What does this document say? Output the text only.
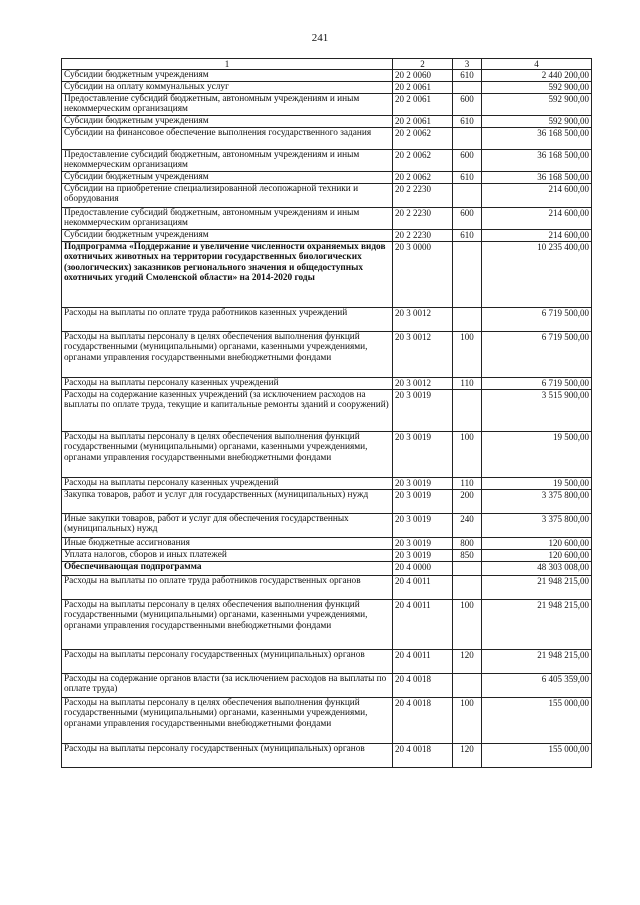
241
1	2	3	4
Субсидии бюджетным учреждениям	20 2 0060	610	2 440 200,00
Субсидии на оплату коммунальных услуг	20 2 0061		592 900,00
Предоставление субсидий бюджетным, автономным учреждениям и иным некоммерческим организациям	20 2 0061	600	592 900,00
Субсидии бюджетным учреждениям	20 2 0061	610	592 900,00
Субсидии на финансовое обеспечение выполнения государственного задания	20 2 0062		36 168 500,00
Предоставление субсидий бюджетным, автономным учреждениям и иным некоммерческим организациям	20 2 0062	600	36 168 500,00
Субсидии бюджетным учреждениям	20 2 0062	610	36 168 500,00
Субсидии на приобретение специализированной лесопожарной техники и оборудования	20 2 2230		214 600,00
Предоставление субсидий бюджетным, автономным учреждениям и иным некоммерческим организациям	20 2 2230	600	214 600,00
Субсидии бюджетным учреждениям	20 2 2230	610	214 600,00
Подпрограмма «Поддержание и увеличение численности охраняемых видов охотничьих животных на территории государственных биологических (зоологических) заказников регионального значения и общедоступных охотничьих угодий Смоленской области» на 2014-2020 годы	20 3 0000		10 235 400,00
Расходы на выплаты по оплате труда работников казенных учреждений	20 3 0012		6 719 500,00
Расходы на выплаты персоналу в целях обеспечения выполнения функций государственными (муниципальными) органами, казенными учреждениями, органами управления государственными внебюджетными фондами	20 3 0012	100	6 719 500,00
Расходы на выплаты персоналу казенных учреждений	20 3 0012	110	6 719 500,00
Расходы на содержание казенных учреждений (за исключением расходов на выплаты по оплате труда, текущие и капитальные ремонты зданий и сооружений)	20 3 0019		3 515 900,00
Расходы на выплаты персоналу в целях обеспечения выполнения функций государственными (муниципальными) органами, казенными учреждениями, органами управления государственными внебюджетными фондами	20 3 0019	100	19 500,00
Расходы на выплаты персоналу казенных учреждений	20 3 0019	110	19 500,00
Закупка товаров, работ и услуг для государственных (муниципальных) нужд	20 3 0019	200	3 375 800,00
Иные закупки товаров, работ и услуг для обеспечения государственных (муниципальных) нужд	20 3 0019	240	3 375 800,00
Иные бюджетные ассигнования	20 3 0019	800	120 600,00
Уплата налогов, сборов и иных платежей	20 3 0019	850	120 600,00
Обеспечивающая подпрограмма	20 4 0000		48 303 008,00
Расходы на выплаты по оплате труда работников государственных органов	20 4 0011		21 948 215,00
Расходы на выплаты персоналу в целях обеспечения выполнения функций государственными (муниципальными) органами, казенными учреждениями, органами управления государственными внебюджетными фондами	20 4 0011	100	21 948 215,00
Расходы на выплаты персоналу государственных (муниципальных) органов	20 4 0011	120	21 948 215,00
Расходы на содержание органов власти (за исключением расходов на выплаты по оплате труда)	20 4 0018		6 405 359,00
Расходы на выплаты персоналу в целях обеспечения выполнения функций государственными (муниципальными) органами, казенными учреждениями, органами управления государственными внебюджетными фондами	20 4 0018	100	155 000,00
Расходы на выплаты персоналу государственных (муниципальных) органов	20 4 0018	120	155 000,00
